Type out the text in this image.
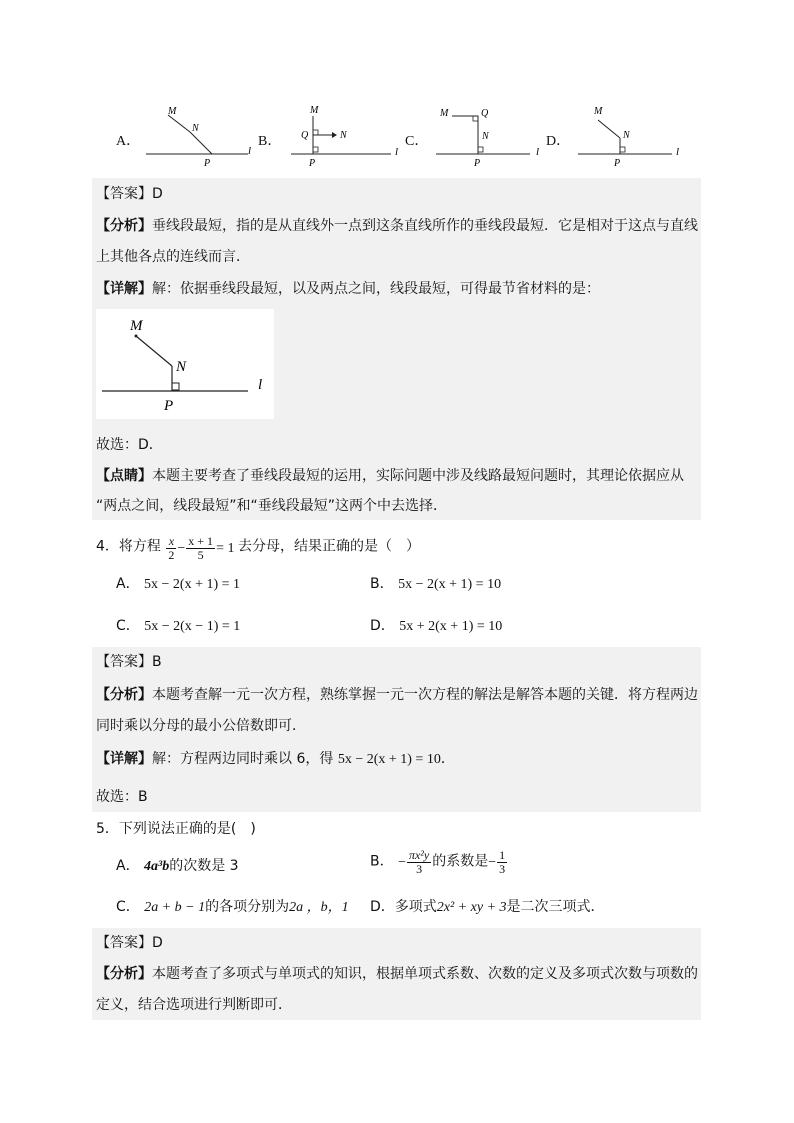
A．
M
N
P
l
B．
M
Q	N
P
l
C．
M	Q
N
P
l
D．
M
N
P
l
【答案】D
【分析】垂线段最短，指的是从直线外一点到这条直线所作的垂线段最短．它是相对于这点与直线
上其他各点的连线而言．
【详解】解：依据垂线段最短，以及两点之间，线段最短，可得最节省材料的是：
M
N
P
l
故选：D．
【点睛】本题主要考查了垂线段最短的运用，实际问题中涉及线路最短问题时，其理论依据应从
“两点之间，线段最短”和“垂线段最短”这两个中去选择．
4．将方程 $\frac{x}{2} - \frac{x + 1}{5} = 1$ 去分母，结果正确的是（　）
A． 5x − 2(x + 1) = 1	B． 5x − 2(x + 1) = 10
C． 5x − 2(x − 1) = 1	D． 5x + 2(x + 1) = 10
【答案】B
【分析】本题考查解一元一次方程，熟练掌握一元一次方程的解法是解答本题的关键．将方程两边
同时乘以分母的最小公倍数即可．
【详解】解：方程两边同时乘以 6，得 5x − 2(x + 1) = 10．
故选：B
5．下列说法正确的是(　)
A． 4a³b的次数是 3	B． − $\frac{\text{πx²y}}{3}$ 的系数是− $\frac{1}{3}$
C． 2a + b − 1的各项分别为2a ，b，1 D．多项式2x² + xy + 3是二次三项式．
【答案】D
【分析】本题考查了多项式与单项式的知识，根据单项式系数、次数的定义及多项式次数与项数的
定义，结合选项进行判断即可．
